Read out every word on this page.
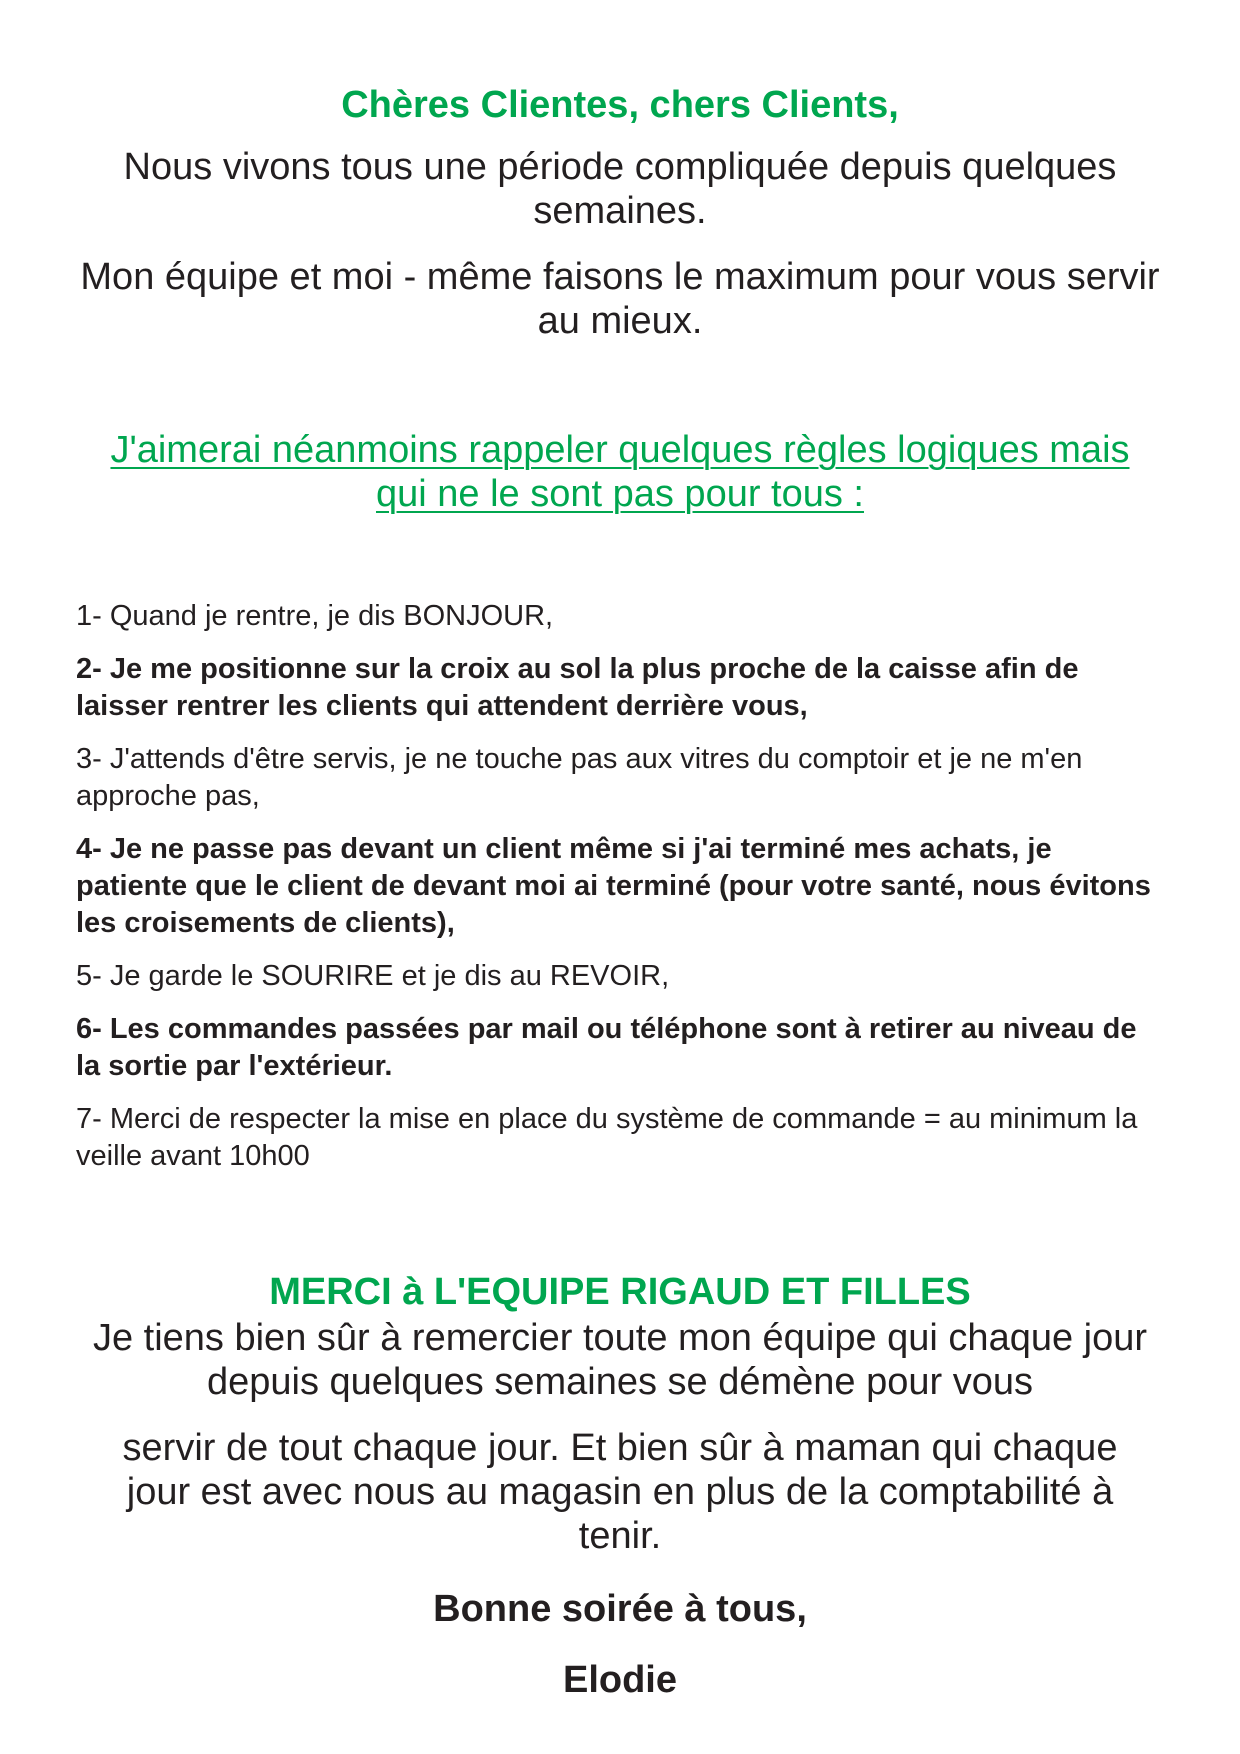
Chères Clientes, chers Clients,
Nous vivons tous une période compliquée depuis quelques semaines.
Mon équipe et moi - même faisons le maximum pour vous servir au mieux.
J'aimerai néanmoins rappeler quelques règles logiques mais qui ne le sont pas pour tous :
1- Quand je rentre, je dis BONJOUR,
2- Je me positionne sur la croix au sol la plus proche de la caisse afin de laisser rentrer les clients qui attendent derrière vous,
3- J'attends d'être servis, je ne touche pas aux vitres du comptoir et je ne m'en approche pas,
4- Je ne passe pas devant un client même si j'ai terminé mes achats, je patiente que le client de devant moi ai terminé (pour votre santé, nous évitons les croisements de clients),
5- Je garde le SOURIRE et je dis au REVOIR,
6- Les commandes passées par mail ou téléphone sont à retirer au niveau de la sortie par l'extérieur.
7- Merci de respecter la mise en place du système de commande = au minimum la veille avant 10h00
MERCI à L'EQUIPE RIGAUD ET FILLES
Je tiens bien sûr à remercier toute mon équipe qui chaque jour depuis quelques semaines se démène pour vous
servir de tout chaque jour. Et bien sûr à maman qui chaque jour est avec nous au magasin en plus de la comptabilité à tenir.
Bonne soirée à tous,
Elodie
